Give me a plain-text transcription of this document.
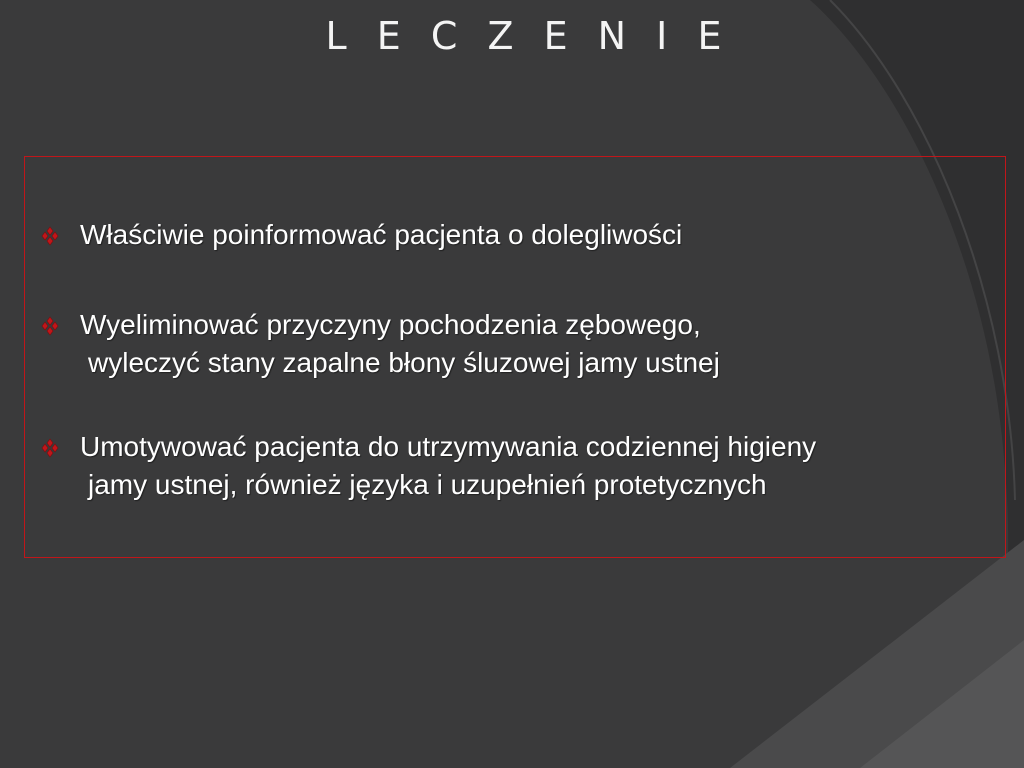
L E C Z E N I E
Właściwie poinformować pacjenta o dolegliwości
Wyeliminować przyczyny pochodzenia zębowego,
wyleczyć stany zapalne błony śluzowej jamy ustnej
Umotywować pacjenta do utrzymywania codziennej higieny
jamy ustnej, również języka i uzupełnień protetycznych
